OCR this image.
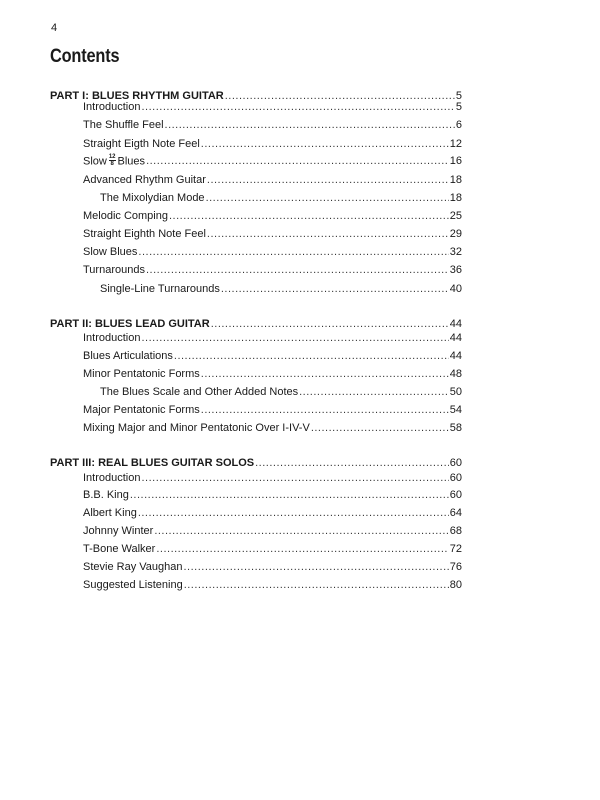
4
Contents
PART I: BLUES RHYTHM GUITAR .....	5
Introduction .....	5
The Shuffle Feel .....	6
Straight Eigth Note Feel .....	12
Slow $\frac{12}{8}$ Blues .....	16
Advanced Rhythm Guitar .....	18
The Mixolydian Mode .....	18
Melodic Comping .....	25
Straight Eighth Note Feel .....	29
Slow Blues .....	32
Turnarounds .....	36
Single-Line Turnarounds .....	40
PART II: BLUES LEAD GUITAR .....	44
Introduction .....	44
Blues Articulations .....	44
Minor Pentatonic Forms .....	48
The Blues Scale and Other Added Notes .....	50
Major Pentatonic Forms .....	54
Mixing Major and Minor Pentatonic Over I-IV-V .....	58
PART III: REAL BLUES GUITAR SOLOS .....	60
Introduction .....	60
B.B. King .....	60
Albert King .....	64
Johnny Winter .....	68
T-Bone Walker .....	72
Stevie Ray Vaughan .....	76
Suggested Listening .....	80
